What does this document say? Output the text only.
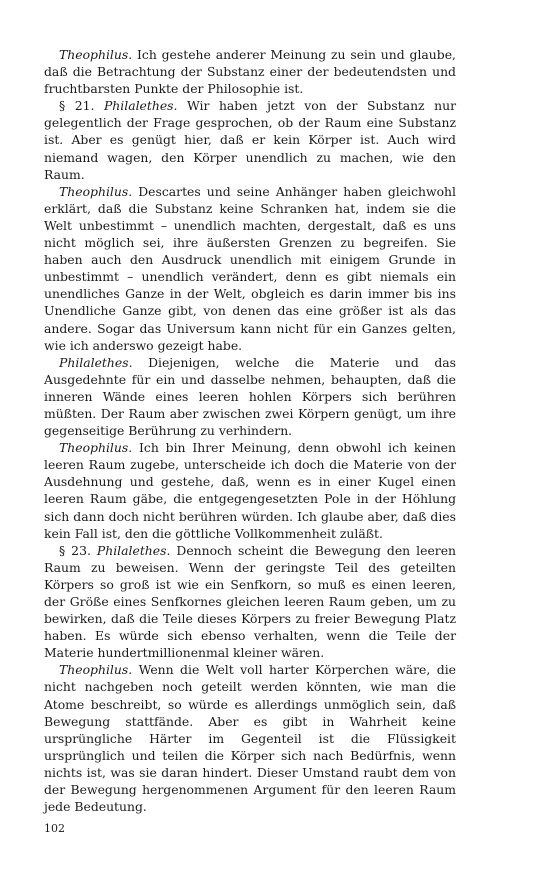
Theophilus. Ich gestehe anderer Meinung zu sein und glaube, daß die Betrachtung der Substanz einer der bedeutendsten und fruchtbarsten Punkte der Philosophie ist.

§ 21. Philalethes. Wir haben jetzt von der Substanz nur gelegentlich der Frage gesprochen, ob der Raum eine Substanz ist. Aber es genügt hier, daß er kein Körper ist. Auch wird niemand wagen, den Körper unendlich zu machen, wie den Raum.

Theophilus. Descartes und seine Anhänger haben gleichwohl erklärt, daß die Substanz keine Schranken hat, indem sie die Welt unbestimmt – unendlich machten, dergestalt, daß es uns nicht möglich sei, ihre äußersten Grenzen zu begreifen. Sie haben auch den Ausdruck unendlich mit einigem Grunde in unbestimmt – unendlich verändert, denn es gibt niemals ein unendliches Ganze in der Welt, obgleich es darin immer bis ins Unendliche Ganze gibt, von denen das eine größer ist als das andere. Sogar das Universum kann nicht für ein Ganzes gelten, wie ich anderswo gezeigt habe.

Philalethes. Diejenigen, welche die Materie und das Ausgedehnte für ein und dasselbe nehmen, behaupten, daß die inneren Wände eines leeren hohlen Körpers sich berühren müßten. Der Raum aber zwischen zwei Körpern genügt, um ihre gegenseitige Berührung zu verhindern.

Theophilus. Ich bin Ihrer Meinung, denn obwohl ich keinen leeren Raum zugebe, unterscheide ich doch die Materie von der Ausdehnung und gestehe, daß, wenn es in einer Kugel einen leeren Raum gäbe, die entgegengesetzten Pole in der Höhlung sich dann doch nicht berühren würden. Ich glaube aber, daß dies kein Fall ist, den die göttliche Vollkommenheit zuläßt.

§ 23. Philalethes. Dennoch scheint die Bewegung den leeren Raum zu beweisen. Wenn der geringste Teil des geteilten Körpers so groß ist wie ein Senfkorn, so muß es einen leeren, der Größe eines Senfkornes gleichen leeren Raum geben, um zu bewirken, daß die Teile dieses Körpers zu freier Bewegung Platz haben. Es würde sich ebenso verhalten, wenn die Teile der Materie hundertmillionenmal kleiner wären.

Theophilus. Wenn die Welt voll harter Körperchen wäre, die nicht nachgeben noch geteilt werden könnten, wie man die Atome beschreibt, so würde es allerdings unmöglich sein, daß Bewegung stattfände. Aber es gibt in Wahrheit keine ursprüngliche Härter im Gegenteil ist die Flüssigkeit ursprünglich und teilen die Körper sich nach Bedürfnis, wenn nichts ist, was sie daran hindert. Dieser Umstand raubt dem von der Bewegung hergenommenen Argument für den leeren Raum jede Bedeutung.

102
